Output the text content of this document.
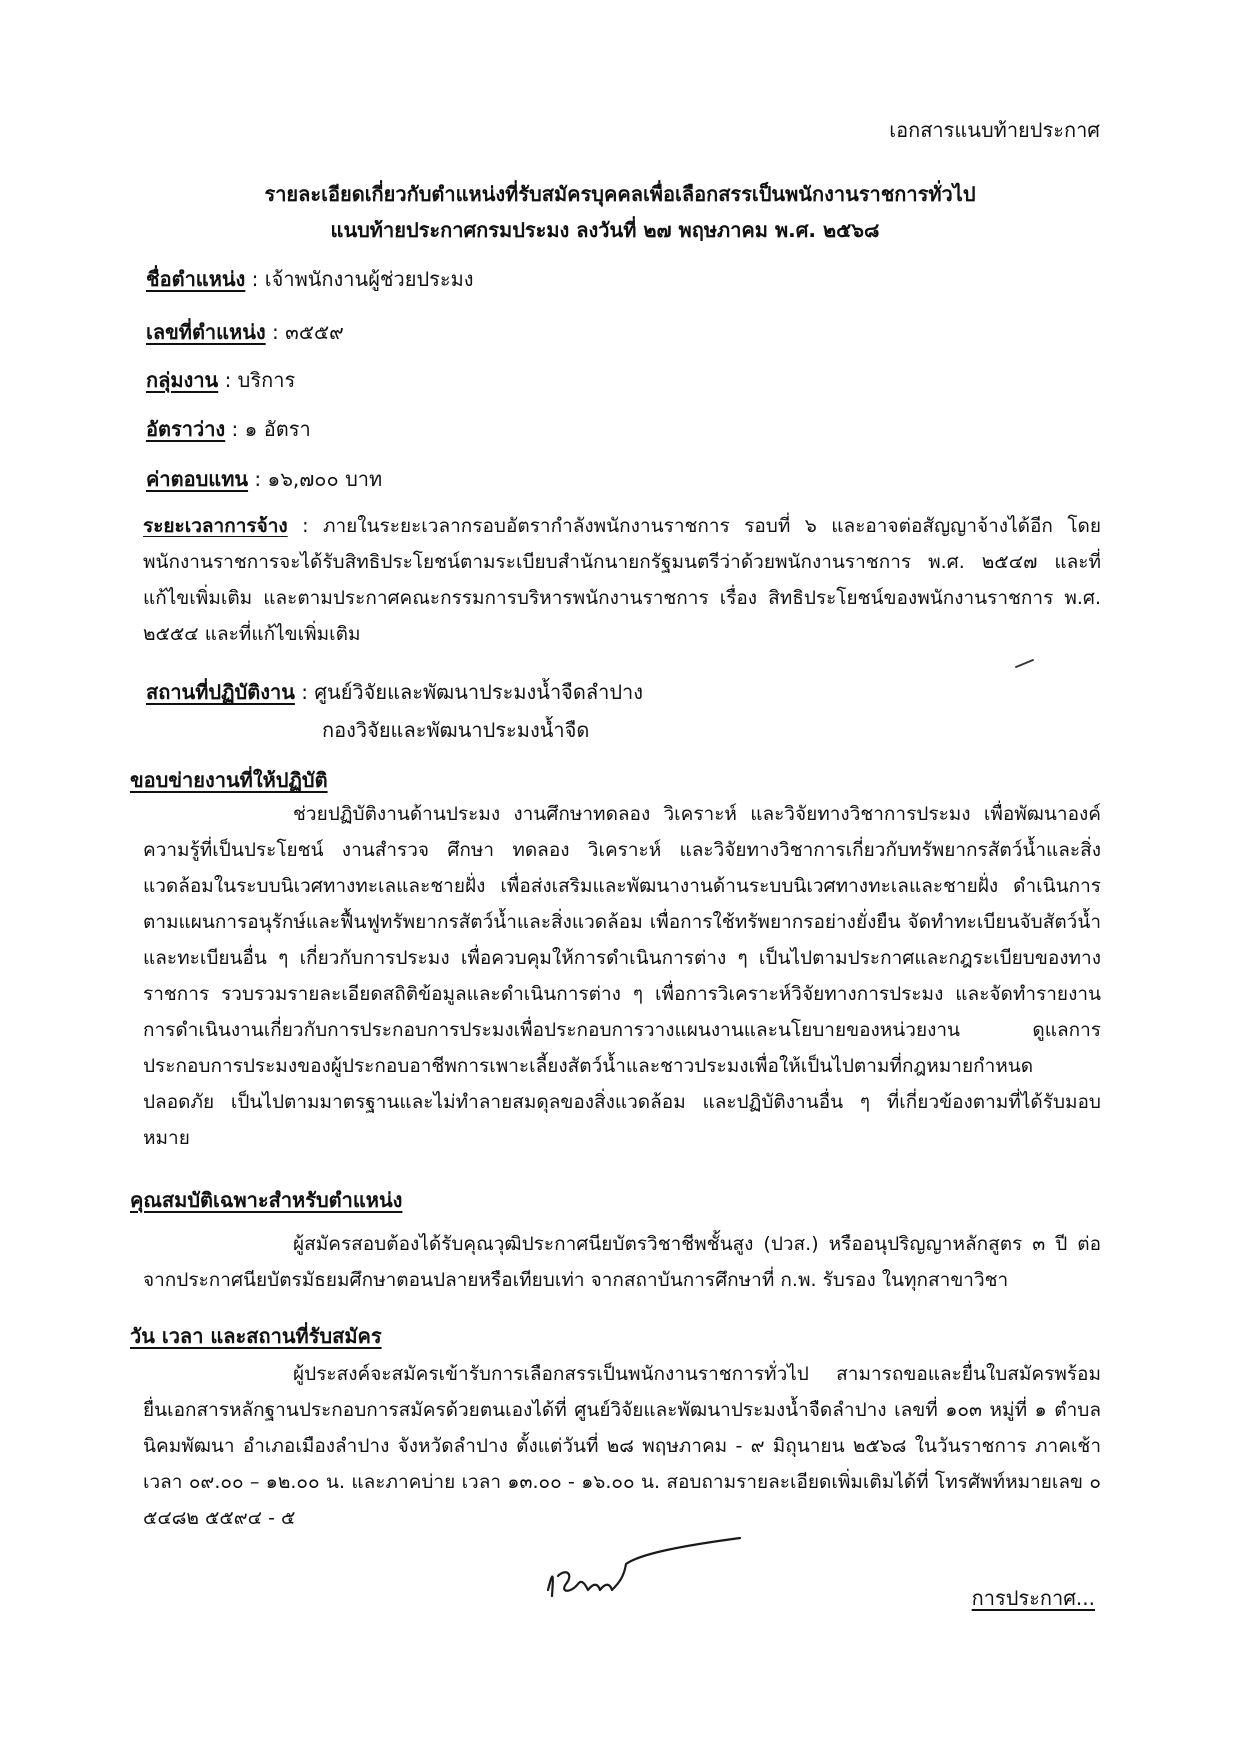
เอกสารแนบท้ายประกาศ
รายละเอียดเกี่ยวกับตำแหน่งที่รับสมัครบุคคลเพื่อเลือกสรรเป็นพนักงานราชการทั่วไป
แนบท้ายประกาศกรมประมง ลงวันที่ ๒๗ พฤษภาคม พ.ศ. ๒๕๖๘
ชื่อตำแหน่ง : เจ้าพนักงานผู้ช่วยประมง
เลขที่ตำแหน่ง : ๓๕๕๙
กลุ่มงาน : บริการ
อัตราว่าง : ๑ อัตรา
ค่าตอบแทน : ๑๖,๗๐๐ บาท

ระยะเวลาการจ้าง : ภายในระยะเวลากรอบอัตรากำลังพนักงานราชการ รอบที่ ๖ และอาจต่อสัญญาจ้างได้อีก โดยพนักงานราชการจะได้รับสิทธิประโยชน์ตามระเบียบสำนักนายกรัฐมนตรีว่าด้วยพนักงานราชการ พ.ศ. ๒๕๔๗ และที่แก้ไขเพิ่มเติม และตามประกาศคณะกรรมการบริหารพนักงานราชการ เรื่อง สิทธิประโยชน์ของพนักงานราชการ พ.ศ. ๒๕๕๔ และที่แก้ไขเพิ่มเติม

สถานที่ปฏิบัติงาน : ศูนย์วิจัยและพัฒนาประมงน้ำจืดลำปาง
กองวิจัยและพัฒนาประมงน้ำจืด
ขอบข่ายงานที่ให้ปฏิบัติ

ช่วยปฏิบัติงานด้านประมง งานศึกษาทดลอง วิเคราะห์ และวิจัยทางวิชาการประมง เพื่อพัฒนาองค์ความรู้ที่เป็นประโยชน์ งานสำรวจ ศึกษา ทดลอง วิเคราะห์ และวิจัยทางวิชาการเกี่ยวกับทรัพยากรสัตว์น้ำและสิ่งแวดล้อมในระบบนิเวศทางทะเลและชายฝั่ง เพื่อส่งเสริมและพัฒนางานด้านระบบนิเวศทางทะเลและชายฝั่ง ดำเนินการตามแผนการอนุรักษ์และฟื้นฟูทรัพยากรสัตว์น้ำและสิ่งแวดล้อม เพื่อการใช้ทรัพยากรอย่างยั่งยืน จัดทำทะเบียนจับสัตว์น้ำ และทะเบียนอื่น ๆ เกี่ยวกับการประมง เพื่อควบคุมให้การดำเนินการต่าง ๆ เป็นไปตามประกาศและกฎระเบียบของทางราชการ รวบรวมรายละเอียดสถิติข้อมูลและดำเนินการต่าง ๆ เพื่อการวิเคราะห์วิจัยทางการประมง และจัดทำรายงานการดำเนินงานเกี่ยวกับการประกอบการประมงเพื่อประกอบการวางแผนงานและนโยบายของหน่วยงาน ดูแลการประกอบการประมงของผู้ประกอบอาชีพการเพาะเลี้ยงสัตว์น้ำและชาวประมงเพื่อให้เป็นไปตามที่กฎหมายกำหนด ปลอดภัย เป็นไปตามมาตรฐานและไม่ทำลายสมดุลของสิ่งแวดล้อม และปฏิบัติงานอื่น ๆ ที่เกี่ยวข้องตามที่ได้รับมอบหมาย

คุณสมบัติเฉพาะสำหรับตำแหน่ง

ผู้สมัครสอบต้องได้รับคุณวุฒิประกาศนียบัตรวิชาชีพชั้นสูง (ปวส.) หรืออนุปริญญาหลักสูตร ๓ ปี ต่อจากประกาศนียบัตรมัธยมศึกษาตอนปลายหรือเทียบเท่า จากสถาบันการศึกษาที่ ก.พ. รับรอง ในทุกสาขาวิชา

วัน เวลา และสถานที่รับสมัคร

ผู้ประสงค์จะสมัครเข้ารับการเลือกสรรเป็นพนักงานราชการทั่วไป สามารถขอและยื่นใบสมัครพร้อมยื่นเอกสารหลักฐานประกอบการสมัครด้วยตนเองได้ที่ ศูนย์วิจัยและพัฒนาประมงน้ำจืดลำปาง เลขที่ ๑๐๓ หมู่ที่ ๑ ตำบลนิคมพัฒนา อำเภอเมืองลำปาง จังหวัดลำปาง ตั้งแต่วันที่ ๒๘ พฤษภาคม - ๙ มิถุนายน ๒๕๖๘ ในวันราชการ ภาคเช้า เวลา ๐๙.๐๐ – ๑๒.๐๐ น. และภาคบ่าย เวลา ๑๓.๐๐ - ๑๖.๐๐ น. สอบถามรายละเอียดเพิ่มเติมได้ที่ โทรศัพท์หมายเลข ๐ ๕๔๘๒ ๕๕๙๔ - ๕

การประกาศ...
